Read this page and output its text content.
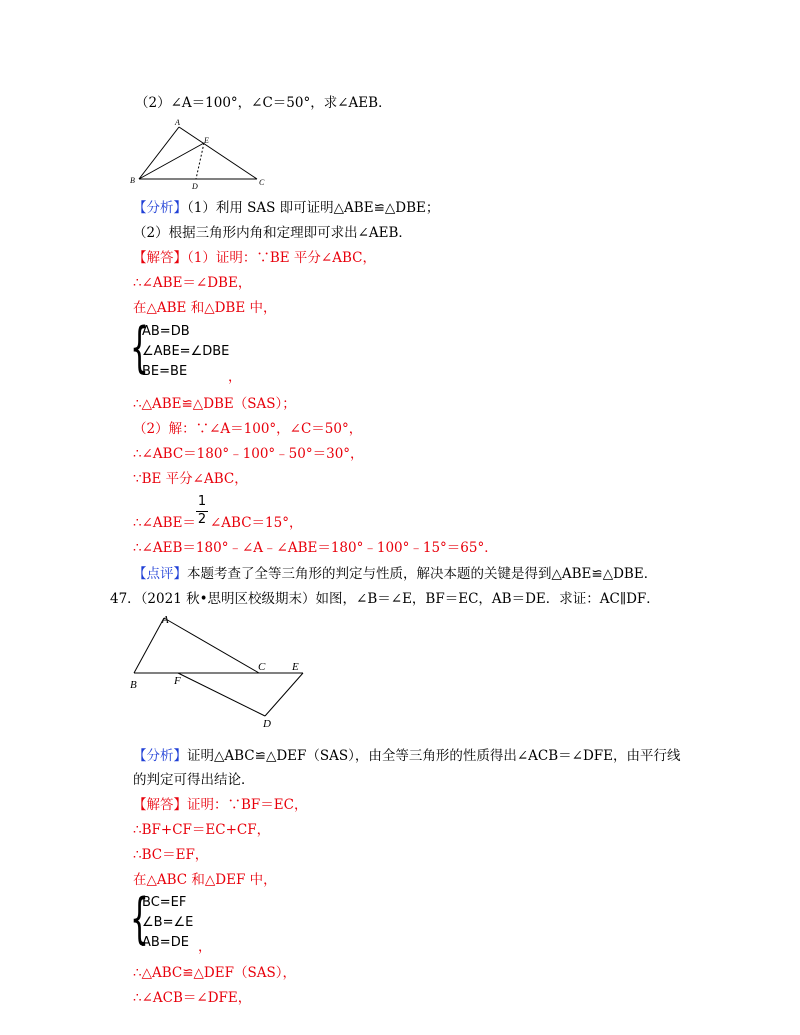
（2）∠A＝100°，∠C＝50°，求∠AEB．
A
E
B
D	C
【分析】（1）利用 SAS 即可证明△ABE≌△DBE；
（2）根据三角形内角和定理即可求出∠AEB．
【解答】（1）证明：∵BE 平分∠ABC，
∴∠ABE＝∠DBE，
在△ABE 和△DBE 中，
{
AB=DB
∠ABE=∠DBE
BE=BE	，
∴△ABE≌△DBE（SAS）；
（2）解：∵∠A＝100°，∠C＝50°，
∴∠ABC＝180°﹣100°﹣50°＝30°，
∵BE 平分∠ABC，
1
2
∴∠ABE＝ ∠ABC＝15°，
∴∠AEB＝180°﹣∠A﹣∠ABE＝180°﹣100°﹣15°＝65°．
【点评】本题考查了全等三角形的判定与性质，解决本题的关键是得到△ABE≌△DBE．
47．（2021 秋•思明区校级期末）如图，∠B＝∠E，BF＝EC，AB＝DE．求证：AC∥DF．
A
C E
B	F
D
【分析】证明△ABC≌△DEF（SAS），由全等三角形的性质得出∠ACB＝∠DFE，由平行线
的判定可得出结论．
【解答】证明：∵BF＝EC，
∴BF+CF＝EC+CF，
∴BC＝EF，
在△ABC 和△DEF 中，
{
BC=EF
∠B=∠E
AB=DE ，
∴△ABC≌△DEF（SAS），
∴∠ACB＝∠DFE，
